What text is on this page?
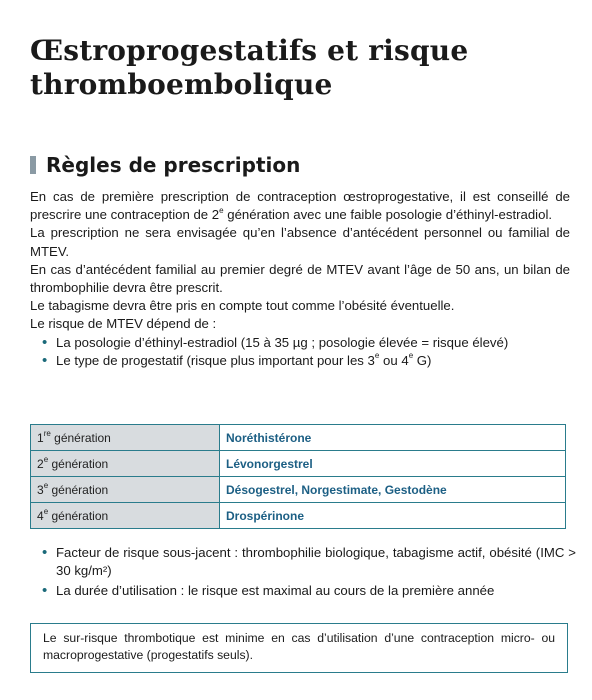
Œstroprogestatifs et risque
thromboembolique
Règles de prescription

En cas de première prescription de contraception œstroprogestative, il est conseillé de prescrire une contraception de 2e génération avec une faible posologie d’éthinyl-estradiol.

La prescription ne sera envisagée qu’en l’absence d’antécédent personnel ou familial de MTEV.

En cas d’antécédent familial au premier degré de MTEV avant l’âge de 50 ans, un bilan de thrombophilie devra être prescrit.

Le tabagisme devra être pris en compte tout comme l’obésité éventuelle.

Le risque de MTEV dépend de :

• La posologie d’éthinyl-estradiol (15 à 35 µg ; posologie élevée = risque élevé)
• Le type de progestatif (risque plus important pour les 3e ou 4e G)
1re génération	Noréthistérone
2e génération	Lévonorgestrel
3e génération	Désogestrel, Norgestimate, Gestodène
4e génération	Drospérinone
• Facteur de risque sous-jacent : thrombophilie biologique, tabagisme actif, obésité (IMC > 30 kg/m²)
• La durée d’utilisation : le risque est maximal au cours de la première année
Le sur-risque thrombotique est minime en cas d’utilisation d’une contraception micro- ou macroprogestative (progestatifs seuls).
